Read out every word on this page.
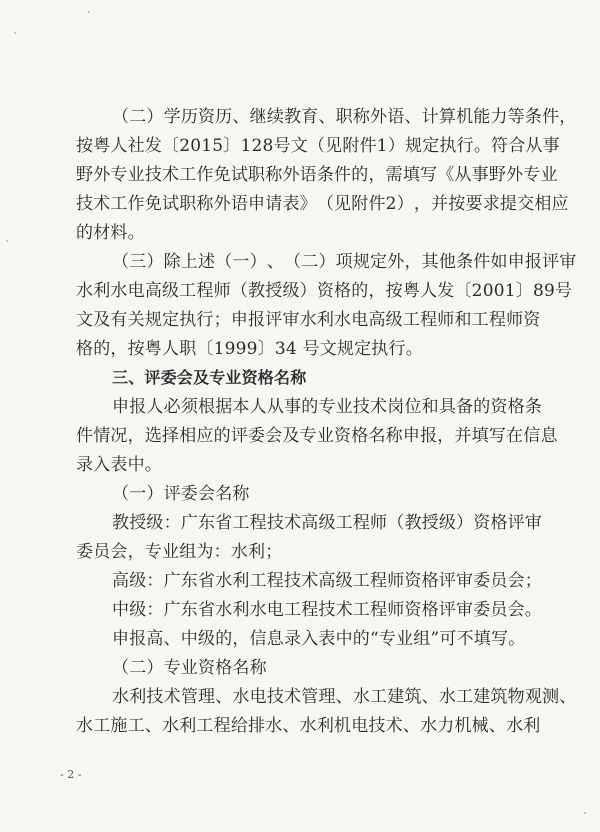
（ 二 ） 学 历 资 历 、 继 续 教 育 、 职 称 外 语 、 计 算 机 能 力 等 条 件 ，
按 粤 人 社 发 〔 2015 〕 128 号 文 （ 见 附 件 1 ） 规 定 执 行 。 符 合 从 事
野 外 专 业 技 术 工 作 免 试 职 称 外 语 条 件 的 ， 需 填 写 《 从 事 野 外 专 业
技 术 工 作 免 试 职 称 外 语 申 请 表 》 （ 见 附 件 2 ） ， 并 按 要 求 提 交 相 应
的材料。
（ 三 ） 除 上 述 （ 一 ） 、 （ 二 ） 项 规 定 外 ， 其 他 条 件 如 申 报 评 审
水 利 水 电 高 级 工 程 师 （ 教 授 级 ） 资 格 的 ， 按 粤 人 发 〔 2001 〕 89 号
文 及 有 关 规 定 执 行 ； 申 报 评 审 水 利 水 电 高 级 工 程 师 和 工 程 师 资
格的，按粤人职〔1999〕34 号文规定执行。
三、评委会及专业资格名称
申 报 人 必 须 根 据 本 人 从 事 的 专 业 技 术 岗 位 和 具 备 的 资 格 条
件 情 况 ， 选 择 相 应 的 评 委 会 及 专 业 资 格 名 称 申 报 ， 并 填 写 在 信 息
录入表中。
（一）评委会名称
教 授 级 ： 广 东 省 工 程 技 术 高 级 工 程 师 （ 教 授 级 ） 资 格 评 审
委员会，专业组为：水利；
高级：广东省水利工程技术高级工程师资格评审委员会；
中级：广东省水利水电工程技术工程师资格评审委员会。
申报高、中级的，信息录入表中的“专业组”可不填写。
（二）专业资格名称
水 利 技 术 管 理 、 水 电 技 术 管 理 、 水 工 建 筑 、 水 工 建 筑 物 观 测 、
水 工 施 工 、 水 利 工 程 给 排 水 、 水 利 机 电 技 术 、 水 力 机 械 、 水 利
- 2 -
